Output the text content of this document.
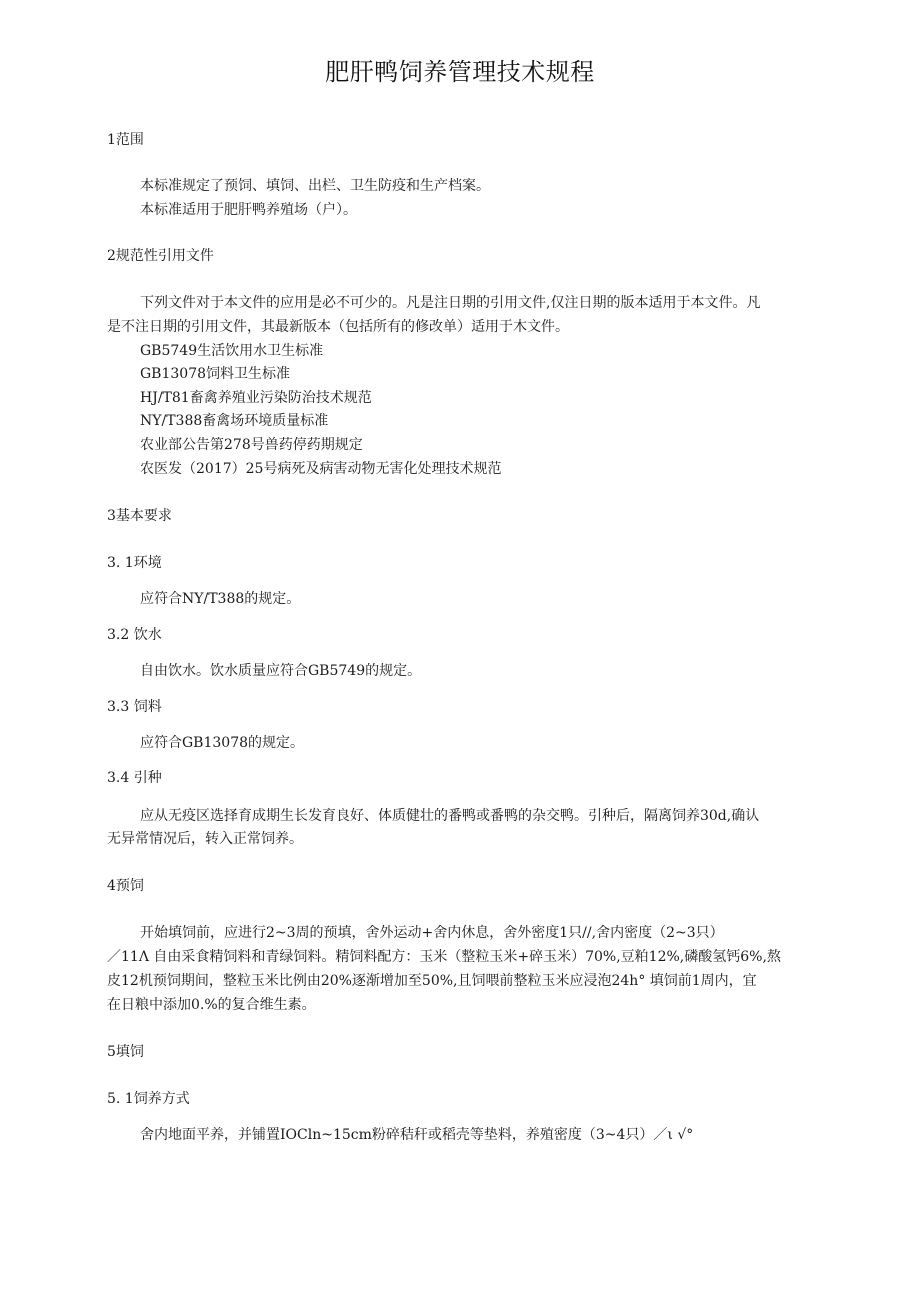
肥肝鸭饲养管理技术规程
1范围
本标准规定了预饲、填饲、出栏、卫生防疫和生产档案。
本标准适用于肥肝鸭养殖场（户）。
2规范性引用文件
下列文件对于本文件的应用是必不可少的。凡是注日期的引用文件,仅注日期的版本适用于本文件。凡
是不注日期的引用文件，其最新版本（包括所有的修改单）适用于木文件。
GB5749生活饮用水卫生标准
GB13078饲料卫生标准
HJ/T81畜禽养殖业污染防治技术规范
NY/T388畜禽场环境质量标准
农业部公告第278号兽药停药期规定
农医发（2017）25号病死及病害动物无害化处理技术规范
3基本要求
3. 1环境
应符合NY/T388的规定。
3.2 饮水
自由饮水。饮水质量应符合GB5749的规定。
3.3 饲料
应符合GB13078的规定。
3.4 引种
应从无疫区选择育成期生长发育良好、体质健壮的番鸭或番鸭的杂交鸭。引种后，隔离饲养30d,确认
无异常情况后，转入正常饲养。
4预饲
开始填饲前，应进行2~3周的预填，舍外运动+舍内休息，舍外密度1只//,舍内密度（2~3只）
／11Λ 自由采食精饲料和青绿饲料。精饲料配方：玉米（整粒玉米+碎玉米）70%,豆粕12%,磷酸氢钙6%,熬
皮12机预饲期间，整粒玉米比例由20%逐渐增加至50%,且饲喂前整粒玉米应浸泡24h° 填饲前1周内，宜
在日粮中添加0.%的复合维生素。
5填饲
5. 1饲养方式
舍内地面平养，并铺置IOCln~15cm粉碎秸秆或稻壳等垫料，养殖密度（3~4只）／ι √°
